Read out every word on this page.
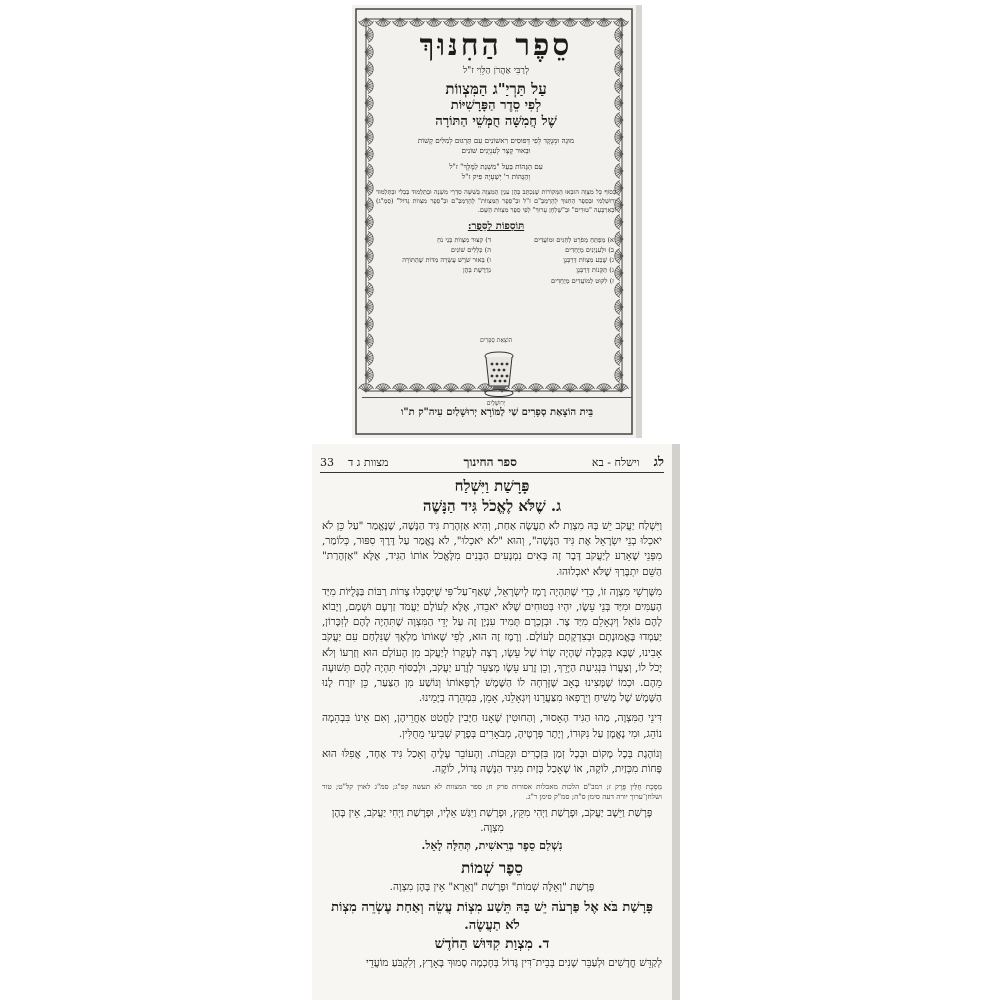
סֵפֶר הַחִנּוּךְ
לְרַבִּי אַהֲרֹן הַלֵּוִי ז"ל
עַל תַּרְיַ"ג הַמִּצְווֹת
לְפִי סֵדֶר הַפָּרָשִׁיּוֹת
שֶׁל חֲמִשָּׁה חֻמְּשֵׁי הַתּוֹרָה
מוּגָה וּמְנֻקָּד לְפִי דְּפוּסִים רִאשׁוֹנִים עִם תַּרְגּוּם לְמִלִּים קָשׁוֹת
וּבֵאוּר קָצָר לְעִנְיָנִים שׁוֹנִים
עִם הַגָּהוֹת בַּעַל "מִשְׁנַת לַמֶּלֶךְ" ז"ל
וְהַגָּהוֹת ר' יְשַׁעְיָה פִּיק ז"ל
בְּסוֹף כָּל מִצְוָה הוּבְאוּ הַמְּקוֹרוֹת שֶׁנִּכְתַּב בָּהֶן עִנְיַן הַמִּצְוָה בְּשִׁשָּׁה סִדְרֵי מִשְׁנָה וּבַתַּלְמוּד בַּבְלִי וּבַתַּלְמוּד יְרוּשַׁלְמִי וּבְסֵפֶר הַחִנּוּךְ לָהָרַמְבַּ"ם ז"ל וּבְ"סֵפֶר הַמִּצְווֹת" לָהָרַמְבַּ"ם וּבְ"סֵפֶר מִצְווֹת גָּדוֹל" (סְמַ"ג) וּבָאַרְבָּעָה "טוּרִים" וּבְ"שֻׁלְחָן עָרוּךְ" לְפִי סֵפֶר מִצְווֹת הַשֵּׁם.
תּוֹסָפוֹת לַסֵּפֶר:
א) מַפְתֵּחַ מְפֹרָט לְחַגִּים וּמוֹעֲדִים
ד) קִצּוּר מִצְווֹת בְּנֵי נֹחַ
ב) וּלְעִנְיָנִים מְיֻחָדִים
ה) כְּלָלִים שׁוֹנִים
ג) שֶׁבַע מִצְווֹת דְּרַבָּנָן
ו) בֵּאוּר שֹׁרֶשׁ עֲשָׂרָה מִדּוֹת שֶׁהַתּוֹרָה
ג) תַּקָּנוֹת דְּרַבָּנָן
נִדְרֶשֶׁת בָּהֶן
ז) לִקּוּט לְמוֹעֲדִים מְיֻחָדִים
הוֹצָאַת סְפָרִים
יְרוּשָׁלַיִם
בֵּית הוֹצָאַת סְפָרִים שַׁי לַמּוֹרָא יְרוּשָׁלַיִם עִיה"ק ת"ו
33 מצוות ג ד	ספר החינוך	וישלח - בא לג
פָּרָשַׁת וַיִּשְׁלַח
ג. שֶׁלֹּא לֶאֱכֹל גִּיד הַנָּשֶׁה

וַיִּשְׁלַח יַעֲקֹב יֵשׁ בָּהּ מִצְוַת לֹא תַעֲשֶׂה אַחַת, וְהִיא אַזְהָרַת גִּיד הַנָּשֶׁה, שֶׁנֶּאֱמַר "עַל כֵּן לֹא יֹאכְלוּ בְנֵי יִשְׂרָאֵל אֶת גִּיד הַנָּשֶׁה", וְהוּא "לֹא יֹאכְלוּ", לֹא נֶאֱמַר עַל דֶּרֶךְ סִפּוּר, כְּלוֹמַר, מִפְּנֵי שֶׁאֵרַע לְיַעֲקֹב דָּבָר זֶה בָּאִים נִמְנָעִים הַבָּנִים מִלֶּאֱכֹל אוֹתוֹ הַגִּיד, אֶלָּא "אַזְהָרַת" הַשֵּׁם יִתְבָּרַךְ שֶׁלֹּא יֹאכְלוּהוּ.

מִשָּׁרְשֵׁי מִצְוָה זוֹ, כְּדֵי שֶׁתִּהְיֶה רֶמֶז לְיִשְׂרָאֵל, שֶׁאַף־עַל־פִּי שֶׁיִּסְבְּלוּ צָרוֹת רַבּוֹת בַּגָּלֻיּוֹת מִיַּד הָעַמִּים וּמִיַּד בְּנֵי עֵשָׂו, יִהְיוּ בְּטוּחִים שֶׁלֹּא יֹאבֵדוּ, אֶלָּא לְעוֹלָם יַעֲמֹד זַרְעָם וּשְׁמָם, וְיָבוֹא לָהֶם גּוֹאֵל וְיִגְאָלֵם מִיַּד צָר. וּבְזָכְרָם תָּמִיד עִנְיָן זֶה עַל יְדֵי הַמִּצְוָה שֶׁתִּהְיֶה לָהֶם לְזִכָּרוֹן, יַעַמְדוּ בֶּאֱמוּנָתָם וּבְצִדְקָתָם לְעוֹלָם. וְרֶמֶז זֶה הוּא, לְפִי שֶׁאוֹתוֹ מַלְאָךְ שֶׁנִּלְחַם עִם יַעֲקֹב אָבִינוּ, שֶׁבָּא בְּקַבָּלָה שֶׁהָיָה שָׂרוֹ שֶׁל עֵשָׂו, רָצָה לְעָקְרוֹ לְיַעֲקֹב מִן הָעוֹלָם הוּא וְזַרְעוֹ וְלֹא יָכֹל לוֹ, וְצַעֲרוֹ בִּנְגִיעַת הַיָּרֵךְ, וְכֵן זֶרַע עֵשָׂו מְצַעֵר לְזֶרַע יַעֲקֹב, וּלְבַסּוֹף תִּהְיֶה לָהֶם תְּשׁוּעָה מֵהֶם. וּכְמוֹ שֶׁמָּצִינוּ בָּאָב שֶׁזָּרְחָה לוֹ הַשֶּׁמֶשׁ לְרַפְּאוֹתוֹ וְנוֹשַׁע מִן הַצַּעַר, כֵּן יִזְרַח לָנוּ הַשֶּׁמֶשׁ שֶׁל מָשִׁיחַ וְיֵרָפְאוּ מִצַּעֲרֵנוּ וְיִגְאָלֵנוּ, אָמֵן, בִּמְהֵרָה בְיָמֵינוּ.

דִּינֵי הַמִּצְוָה, מַהוּ הַגִּיד הָאָסוּר, וְהַחוּטִין שֶׁאָנוּ חַיָּבִין לַחֲטֹט אַחֲרֵיהֶן, וְאִם אֵינוֹ בִּבְהֵמָה נוֹהֵג, וּמִי נֶאֱמָן עַל נִקּוּרוֹ, וְיֶתֶר פְּרָטֶיהָ, מְבֹאָרִים בְּפֶרֶק שְׁבִיעִי מֵחֻלִּין.

וְנוֹהֶגֶת בְּכָל מָקוֹם וּבְכָל זְמַן בִּזְכָרִים וּנְקֵבוֹת. וְהָעוֹבֵר עָלֶיהָ וְאָכַל גִּיד אֶחָד, אֲפִלּוּ הוּא פָּחוֹת מִכְּזַיִת, לוֹקֶה, אוֹ שֶׁאָכַל כְּזַיִת מִגִּיד הַנָּשֶׁה גָּדוֹל, לוֹקֶה.

מַסֶּכֶת חֻלִּין פֶּרֶק ז; רמב"ם הלכות מאכלות אסורות פרק ח; ספר המצוות לא תעשה קפ"ג; סמ"ג לאוין קל"ט; טור ושלחן־ערוך יורה דעה סימן ס"ה; סמ"ק סימן ר"ג.
פָּרָשַׁת וַיֵּשֶׁב יַעֲקֹב, וּפָרָשַׁת וַיְהִי מִקֵּץ, וּפָרָשַׁת וַיִּגַּשׁ אֵלָיו, וּפָרָשַׁת וַיְחִי יַעֲקֹב, אֵין בָּהֶן מִצְוָה.
נִשְׁלַם סֵפֶר בְּרֵאשִׁית, תְּהִלָּה לָאֵל.
סֵפֶר שְׁמוֹת
פָּרָשַׁת "וְאֵלֶּה שְׁמוֹת" וּפָרָשַׁת "וָאֵרָא" אֵין בָּהֶן מִצְוָה.
פָּרָשַׁת בֹּא אֶל פַּרְעֹה יֵשׁ בָּהּ תֵּשַׁע מִצְוֹת עֲשֵׂה וְאַחַת עֶשְׂרֵה מִצְוֹת לֹא תַעֲשֶׂה.
ד. מִצְוַת קִדּוּשׁ הַחֹדֶשׁ

לְקַדֵּשׁ חֳדָשִׁים וּלְעַבֵּר שָׁנִים בְּבֵית־דִּין גָּדוֹל בְּחָכְמָה סָמוּךְ בָּאָרֶץ, וְלִקְבֹּעַ מוֹעֲדֵי
